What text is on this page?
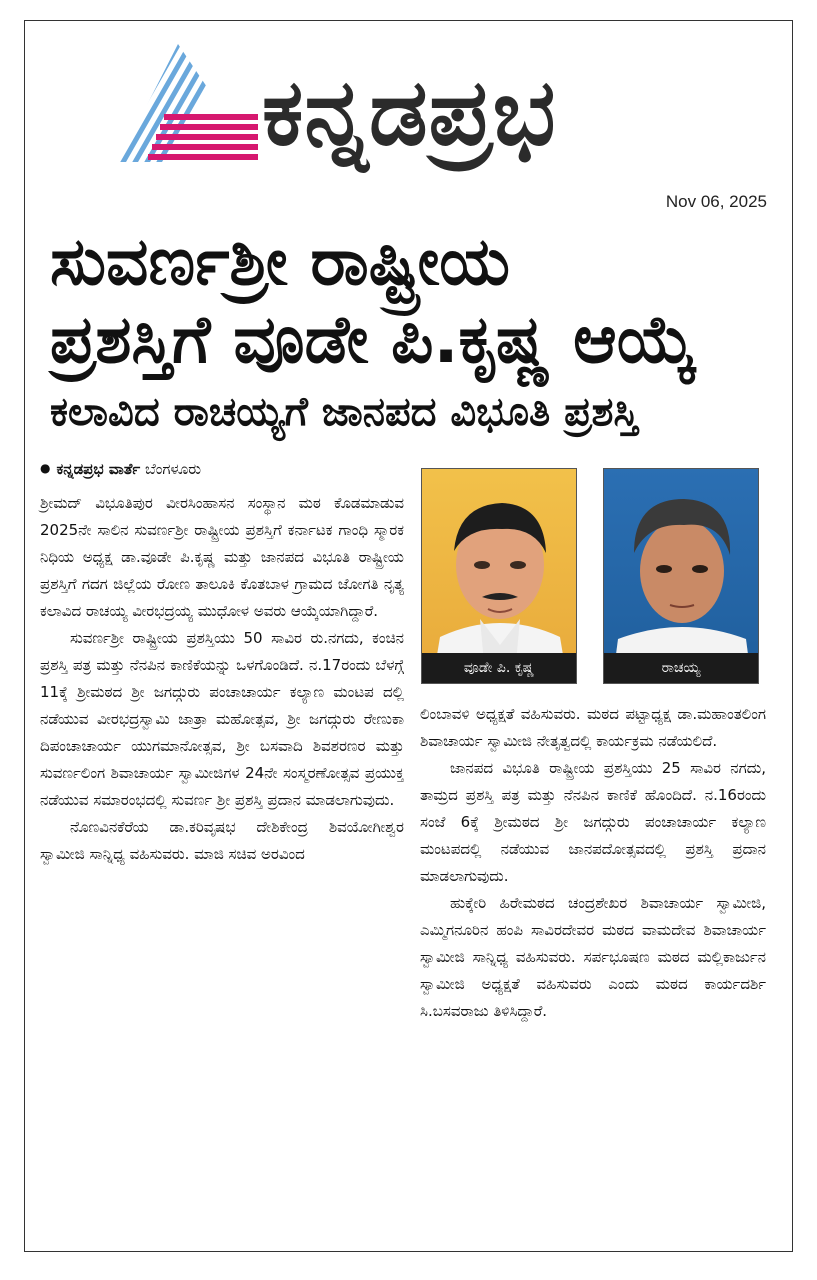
ಕನ್ನಡಪ್ರಭ
Nov 06, 2025
ಸುವರ್ಣಶ್ರೀ ರಾಷ್ಟ್ರೀಯ
ಪ್ರಶಸ್ತಿಗೆ ವೂಡೇ ಪಿ.ಕೃಷ್ಣ ಆಯ್ಕೆ
ಕಲಾವಿದ ರಾಚಯ್ಯಗೆ ಜಾನಪದ ವಿಭೂತಿ ಪ್ರಶಸ್ತಿ
● ಕನ್ನಡಪ್ರಭ ವಾರ್ತೆ ಬೆಂಗಳೂರು

ಶ್ರೀಮದ್ ವಿಭೂತಿಪುರ ವೀರಸಿಂಹಾಸನ ಸಂಸ್ಥಾನ ಮಠ ಕೊಡಮಾಡುವ 2025ನೇ ಸಾಲಿನ ಸುವರ್ಣಶ್ರೀ ರಾಷ್ಟ್ರೀಯ ಪ್ರಶಸ್ತಿಗೆ ಕರ್ನಾಟಕ ಗಾಂಧಿ ಸ್ಮಾರಕ ನಿಧಿಯ ಅಧ್ಯಕ್ಷ ಡಾ.ವೂಡೇ ಪಿ.ಕೃಷ್ಣ ಮತ್ತು ಜಾನಪದ ವಿಭೂತಿ ರಾಷ್ಟ್ರೀಯ ಪ್ರಶಸ್ತಿಗೆ ಗದಗ ಜಿಲ್ಲೆಯ ರೋಣ ತಾಲೂಕಿ ಕೊತಬಾಳ ಗ್ರಾಮದ ಜೋಗತಿ ನೃತ್ಯ ಕಲಾವಿದ ರಾಚಯ್ಯ ವೀರಭದ್ರಯ್ಯ ಮುಧೋಳ ಅವರು ಆಯ್ಕೆಯಾಗಿದ್ದಾರೆ.

ಸುವರ್ಣಶ್ರೀ ರಾಷ್ಟ್ರೀಯ ಪ್ರಶಸ್ತಿಯು 50 ಸಾವಿರ ರು.ನಗದು, ಕಂಚಿನ ಪ್ರಶಸ್ತಿ ಪತ್ರ ಮತ್ತು ನೆನಪಿನ ಕಾಣಿಕೆಯನ್ನು ಒಳಗೊಂಡಿದೆ. ನ.17ರಂದು ಬೆಳಗ್ಗೆ 11ಕ್ಕೆ ಶ್ರೀಮಠದ ಶ್ರೀ ಜಗದ್ಗುರು ಪಂಚಾಚಾರ್ಯ ಕಲ್ಯಾಣ ಮಂಟಪ ದಲ್ಲಿ ನಡೆಯುವ ವೀರಭದ್ರಸ್ವಾಮಿ ಜಾತ್ರಾ ಮಹೋತ್ಸವ, ಶ್ರೀ ಜಗದ್ಗುರು ರೇಣುಕಾ ದಿಪಂಚಾಚಾರ್ಯ ಯುಗಮಾನೋತ್ಸವ, ಶ್ರೀ ಬಸವಾದಿ ಶಿವಶರಣರ ಮತ್ತು ಸುವರ್ಣಲಿಂಗ ಶಿವಾಚಾರ್ಯ ಸ್ವಾಮೀಜಿಗಳ 24ನೇ ಸಂಸ್ಮರಣೋತ್ಸವ ಪ್ರಯುಕ್ತ ನಡೆಯುವ ಸಮಾರಂಭದಲ್ಲಿ ಸುವರ್ಣ ಶ್ರೀ ಪ್ರಶಸ್ತಿ ಪ್ರದಾನ ಮಾಡಲಾಗುವುದು.

ನೊಣವಿನಕೆರೆಯ ಡಾ.ಕರಿವೃಷಭ ದೇಶಿಕೇಂದ್ರ ಶಿವಯೋಗೀಶ್ವರ ಸ್ವಾಮೀಜಿ ಸಾನ್ನಿಧ್ಯ ವಹಿಸುವರು. ಮಾಜಿ ಸಚಿವ ಅರವಿಂದ

ವೂಡೇ ಪಿ. ಕೃಷ್ಣ	ರಾಚಯ್ಯ

ಲಿಂಬಾವಳಿ ಅಧ್ಯಕ್ಷತೆ ವಹಿಸುವರು. ಮಠದ ಪಟ್ಟಾಧ್ಯಕ್ಷ ಡಾ.ಮಹಾಂತಲಿಂಗ ಶಿವಾಚಾರ್ಯ ಸ್ವಾಮೀಜಿ ನೇತೃತ್ವದಲ್ಲಿ ಕಾರ್ಯಕ್ರಮ ನಡೆಯಲಿದೆ.

ಜಾನಪದ ವಿಭೂತಿ ರಾಷ್ಟ್ರೀಯ ಪ್ರಶಸ್ತಿಯು 25 ಸಾವಿರ ನಗದು, ತಾಮ್ರದ ಪ್ರಶಸ್ತಿ ಪತ್ರ ಮತ್ತು ನೆನಪಿನ ಕಾಣಿಕೆ ಹೊಂದಿದೆ. ನ.16ರಂದು ಸಂಜೆ 6ಕ್ಕೆ ಶ್ರೀಮಠದ ಶ್ರೀ ಜಗದ್ಗುರು ಪಂಚಾಚಾರ್ಯ ಕಲ್ಯಾಣ ಮಂಟಪದಲ್ಲಿ ನಡೆಯುವ ಜಾನಪದೋತ್ಸವದಲ್ಲಿ ಪ್ರಶಸ್ತಿ ಪ್ರದಾನ ಮಾಡಲಾಗುವುದು.

ಹುಕ್ಕೇರಿ ಹಿರೇಮಠದ ಚಂದ್ರಶೇಖರ ಶಿವಾಚಾರ್ಯ ಸ್ವಾಮೀಜಿ, ಎಮ್ಮಿಗನೂರಿನ ಹಂಪಿ ಸಾವಿರದೇವರ ಮಠದ ವಾಮದೇವ ಶಿವಾಚಾರ್ಯ ಸ್ವಾಮೀಜಿ ಸಾನ್ನಿಧ್ಯ ವಹಿಸುವರು. ಸರ್ಪಭೂಷಣ ಮಠದ ಮಲ್ಲಿಕಾರ್ಜುನ ಸ್ವಾಮೀಜಿ ಅಧ್ಯಕ್ಷತೆ ವಹಿಸುವರು ಎಂದು ಮಠದ ಕಾರ್ಯದರ್ಶಿ ಸಿ.ಬಸವರಾಜು ತಿಳಿಸಿದ್ದಾರೆ.
